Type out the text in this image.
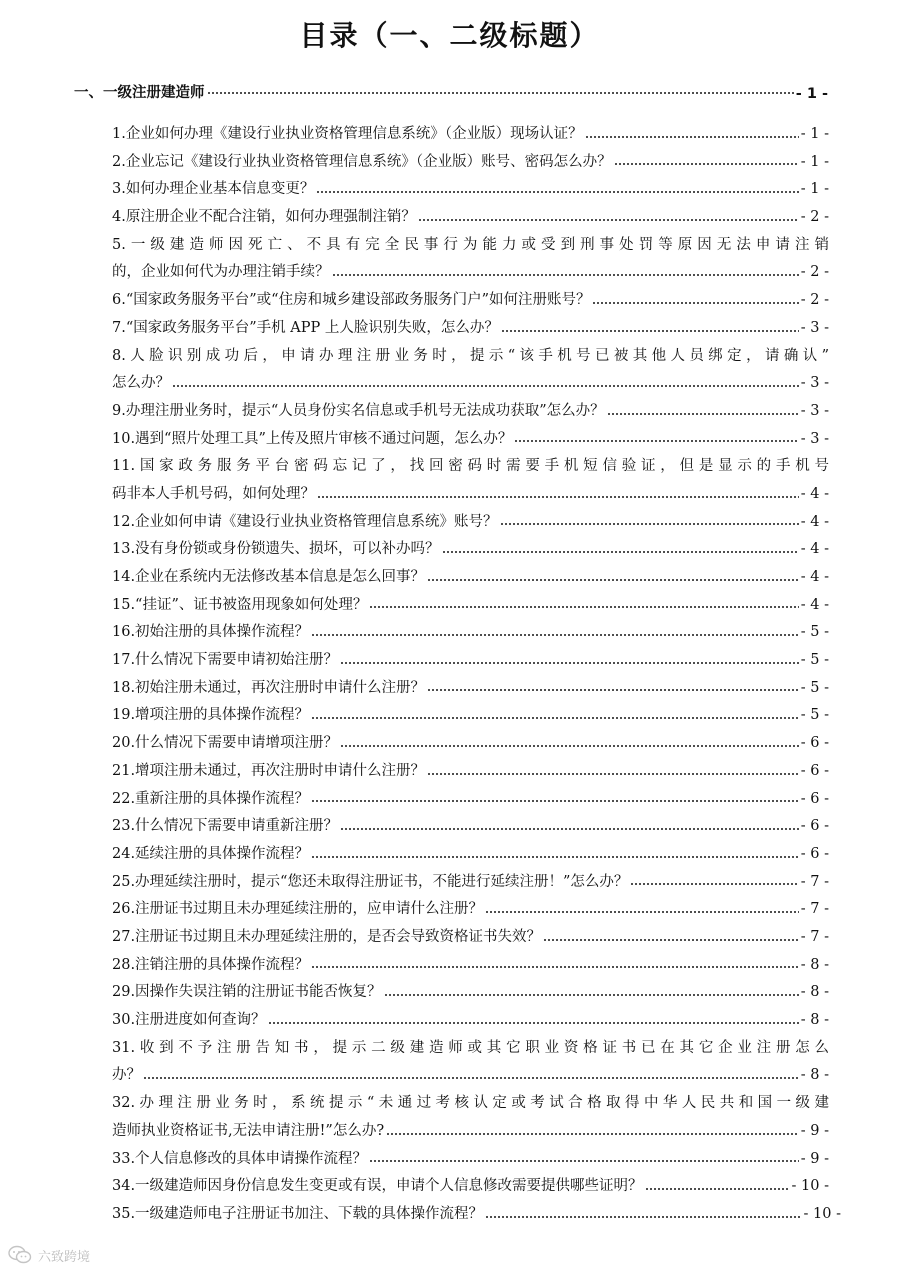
目录（一、二级标题）
一、一级注册建造师	- 1 -
1.企业如何办理《建设行业执业资格管理信息系统》（企业版）现场认证？	- 1 -
2.企业忘记《建设行业执业资格管理信息系统》（企业版）账号、密码怎么办？	- 1 -
3.如何办理企业基本信息变更？	- 1 -
4.原注册企业不配合注销，如何办理强制注销？	- 2 -
5.一级建造师因死亡、不具有完全民事行为能力或受到刑事处罚等原因无法申请注销
的，企业如何代为办理注销手续？	- 2 -
6.“国家政务服务平台”或“住房和城乡建设部政务服务门户”如何注册账号？	- 2 -
7.“国家政务服务平台”手机 APP 上人脸识别失败，怎么办？	- 3 -
8.人脸识别成功后，申请办理注册业务时，提示“该手机号已被其他人员绑定，请确认”
怎么办？	- 3 -
9.办理注册业务时，提示“人员身份实名信息或手机号无法成功获取”怎么办？	- 3 -
10.遇到“照片处理工具”上传及照片审核不通过问题，怎么办？	- 3 -
11.国家政务服务平台密码忘记了，找回密码时需要手机短信验证，但是显示的手机号
码非本人手机号码，如何处理？	- 4 -
12.企业如何申请《建设行业执业资格管理信息系统》账号？	- 4 -
13.没有身份锁或身份锁遗失、损坏，可以补办吗？	- 4 -
14.企业在系统内无法修改基本信息是怎么回事？	- 4 -
15.“挂证”、证书被盗用现象如何处理？	- 4 -
16.初始注册的具体操作流程？	- 5 -
17.什么情况下需要申请初始注册？	- 5 -
18.初始注册未通过，再次注册时申请什么注册？	- 5 -
19.增项注册的具体操作流程？	- 5 -
20.什么情况下需要申请增项注册？	- 6 -
21.增项注册未通过，再次注册时申请什么注册？	- 6 -
22.重新注册的具体操作流程？	- 6 -
23.什么情况下需要申请重新注册？	- 6 -
24.延续注册的具体操作流程？	- 6 -
25.办理延续注册时，提示“您还未取得注册证书，不能进行延续注册！”怎么办？	- 7 -
26.注册证书过期且未办理延续注册的，应申请什么注册？	- 7 -
27.注册证书过期且未办理延续注册的，是否会导致资格证书失效？	- 7 -
28.注销注册的具体操作流程？	- 8 -
29.因操作失误注销的注册证书能否恢复？	- 8 -
30.注册进度如何查询？	- 8 -
31.收到不予注册告知书，提示二级建造师或其它职业资格证书已在其它企业注册怎么
办？	- 8 -
32.办理注册业务时，系统提示“未通过考核认定或考试合格取得中华人民共和国一级建
造师执业资格证书,无法申请注册!”怎么办?	- 9 -
33.个人信息修改的具体申请操作流程？	- 9 -
34.一级建造师因身份信息发生变更或有误，申请个人信息修改需要提供哪些证明？	- 10 -
35.一级建造师电子注册证书加注、下载的具体操作流程？	- 10 -
六致跨境
